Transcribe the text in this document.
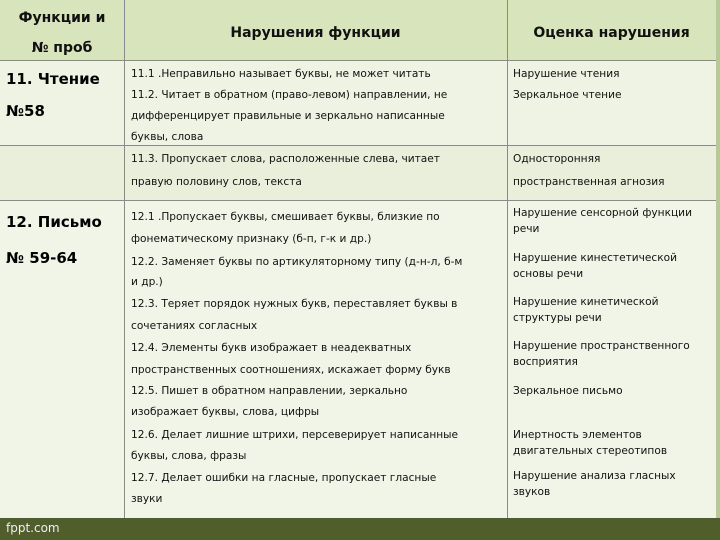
Функции и
№ проб
Нарушения функции	Оценка нарушения
11. Чтение
№58
11.1 .Неправильно называет буквы, не может читать	Нарушение чтения
11.2. Читает в обратном (право-левом) направлении, не
дифференцирует правильные и зеркально написанные
буквы, слова
Зеркальное чтение
11.3. Пропускает слова, расположенные слева, читает
правую половину слов, текста
Односторонняя
пространственная агнозия
12. Письмо
№ 59-64
12.1 .Пропускает буквы, смешивает буквы, близкие по
фонематическому признаку (б-п, г-к и др.)
Нарушение сенсорной функции
речи
12.2. Заменяет буквы по артикуляторному типу (д-н-л, б-м
и др.)
Нарушение кинестетической
основы речи
12.3. Теряет порядок нужных букв, переставляет буквы в
сочетаниях согласных
Нарушение кинетической
структуры речи
12.4. Элементы букв изображает в неадекватных
пространственных соотношениях, искажает форму букв
Нарушение пространственного
восприятия
12.5. Пишет в обратном направлении, зеркально
изображает буквы, слова, цифры
Зеркальное письмо
12.6. Делает лишние штрихи, персеверирует написанные
буквы, слова, фразы
Инертность элементов
двигательных стереотипов
12.7. Делает ошибки на гласные, пропускает гласные
звуки
Нарушение анализа гласных
звуков
fppt.com
